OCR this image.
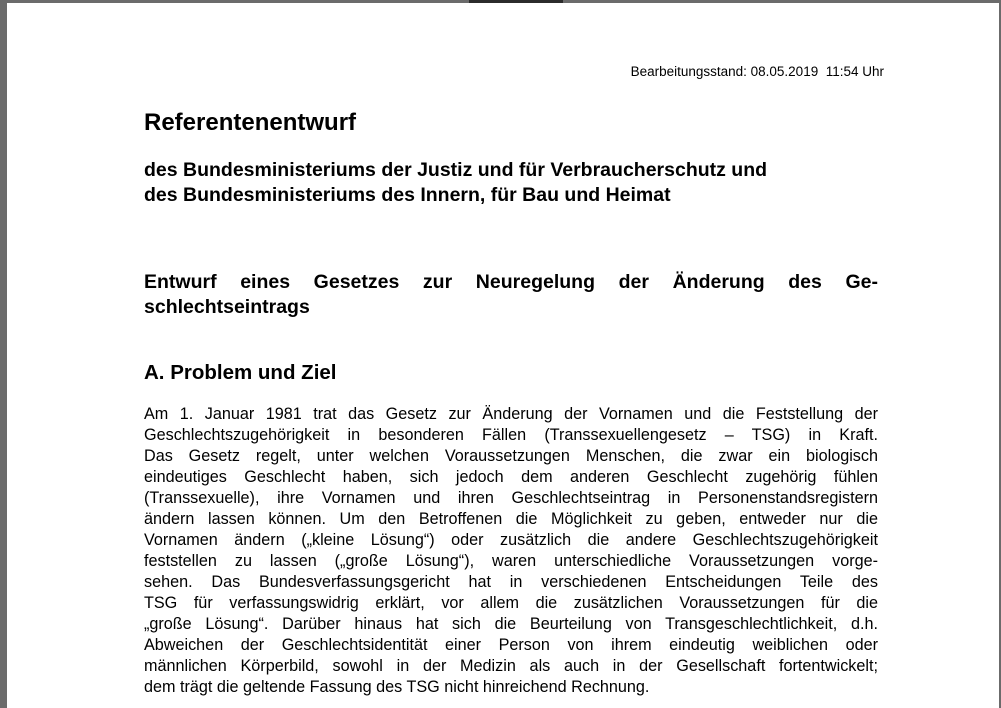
Bearbeitungsstand: 08.05.2019  11:54 Uhr
Referentenentwurf
des Bundesministeriums der Justiz und für Verbraucherschutz und
des Bundesministeriums des Innern, für Bau und Heimat
Entwurf eines Gesetzes zur Neuregelung der Änderung des Ge-
schlechtseintrags
A. Problem und Ziel
Am 1. Januar 1981 trat das Gesetz zur Änderung der Vornamen und die Feststellung der
Geschlechtszugehörigkeit in besonderen Fällen (Transsexuellengesetz – TSG) in Kraft.
Das Gesetz regelt, unter welchen Voraussetzungen Menschen, die zwar ein biologisch
eindeutiges Geschlecht haben, sich jedoch dem anderen Geschlecht zugehörig fühlen
(Transsexuelle), ihre Vornamen und ihren Geschlechtseintrag in Personenstandsregistern
ändern lassen können. Um den Betroffenen die Möglichkeit zu geben, entweder nur die
Vornamen ändern („kleine Lösung“) oder zusätzlich die andere Geschlechtszugehörigkeit
feststellen zu lassen („große Lösung“), waren unterschiedliche Voraussetzungen vorge-
sehen. Das Bundesverfassungsgericht hat in verschiedenen Entscheidungen Teile des
TSG für verfassungswidrig erklärt, vor allem die zusätzlichen Voraussetzungen für die
„große Lösung“. Darüber hinaus hat sich die Beurteilung von Transgeschlechtlichkeit, d.h.
Abweichen der Geschlechtsidentität einer Person von ihrem eindeutig weiblichen oder
männlichen Körperbild, sowohl in der Medizin als auch in der Gesellschaft fortentwickelt;
dem trägt die geltende Fassung des TSG nicht hinreichend Rechnung.
